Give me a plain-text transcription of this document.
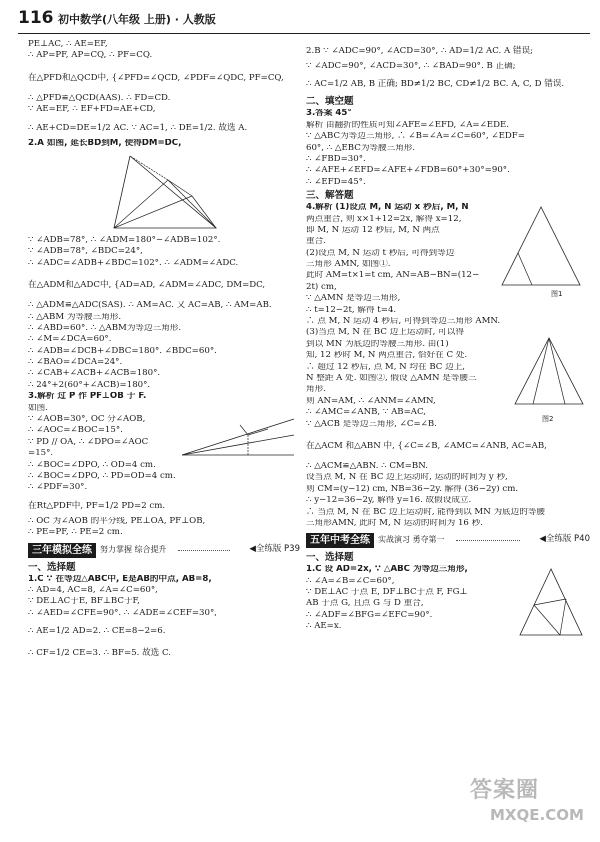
116 初中数学(八年级 上册) · 人教版
PE⊥AC, ∴ AE=EF,
∴ AP=PF, AP=CQ, ∴ PF=CQ.
在△PFD和△QCD中, {∠PFD=∠QCD, ∠PDF=∠QDC, PF=CQ,
∴ △PFD≌△QCD(AAS). ∴ FD=CD.
∵ AE=EF, ∴ EF+FD=AE+CD,
∴ AE+CD=DE=1/2 AC. ∵ AC=1, ∴ DE=1/2. 故选 A.
2.A 如图, 延长BD到M, 使得DM=DC,
∵ ∠ADB=78°, ∴ ∠ADM=180°−∠ADB=102°.
∵ ∠ADB=78°, ∠BDC=24°,
∴ ∠ADC=∠ADB+∠BDC=102°. ∴ ∠ADM=∠ADC.
在△ADM和△ADC中, {AD=AD, ∠ADM=∠ADC, DM=DC,
∴ △ADM≌△ADC(SAS). ∴ AM=AC. 又 AC=AB, ∴ AM=AB.
∴ △ABM 为等腰三角形.
∴ ∠ABD=60°. ∴ △ABM为等边三角形.
∴ ∠M=∠DCA=60°.
∴ ∠ADB=∠DCB+∠DBC=180°. ∠BDC=60°.
∴ ∠BAO=∠DCA=24°.
∴ ∠CAB+∠ACB+∠ACB=180°.
∴ 24°+2(60°+∠ACB)=180°.
3.解析 过 P 作 PF⊥OB 于 F.
如图.
∵ ∠AOB=30°, OC 分∠AOB,
∴ ∠AOC=∠BOC=15°.
∵ PD // OA, ∴ ∠DPO=∠AOC
=15°.
∴ ∠BOC=∠DPO, ∴ OD=4 cm.
∴ ∠BOC=∠DPO, ∴ PD=OD=4 cm.
∴ ∠PDF=30°.
在Rt△PDF中, PF=1/2 PD=2 cm.
∴ OC 为∠AOB 的平分线, PE⊥OA, PF⊥OB,
∴ PE=PF, ∴ PE=2 cm.
三年模拟全练	努力掌握 综合提升	◀全练版 P39
一、选择题
1.C ∵ 在等边△ABC中, E是AB的中点, AB=8,
∴ AD=4, AC=8, ∠A=∠C=60°,
∵ DE⊥AC于E, BF⊥BC于F,
∴ ∠AED=∠CFE=90°. ∴ ∠ADE=∠CEF=30°,
∴ AE=1/2 AD=2. ∴ CE=8−2=6.
∴ CF=1/2 CE=3. ∴ BF=5. 故选 C.
2.B ∵ ∠ADC=90°, ∠ACD=30°, ∴ AD=1/2 AC. A 错误;
∵ ∠ADC=90°, ∠ACD=30°, ∴ ∠BAD=90°. B 正确;
∴ AC=1/2 AB, B 正确; BD≠1/2 BC, CD≠1/2 BC. A, C, D 错误.
二、填空题
3.答案 45°
解析 由翻折的性质可知∠AFE=∠EFD, ∠A=∠EDE.
∵ △ABC为等边三角形, ∴ ∠B=∠A=∠C=60°, ∠EDF=
60°, ∴ △EBC为等腰三角形.
∴ ∠FBD=30°.
∴ ∠AFE+∠EFD=∠AFE+∠FDB=60°+30°=90°.
∴ ∠EFD=45°.
三、解答题
图1
4.解析 (1)设点 M, N 运动 x 秒后, M, N
两点重合, 则 x×1+12=2x, 解得 x=12,
即 M, N 运动 12 秒后, M, N 两点
重合.
(2)设点 M, N 运动 t 秒后, 可得到等边
三角形 AMN, 如图①.
此时 AM=t×1=t cm, AN=AB−BN=(12−
2t) cm,
∵ △AMN 是等边三角形,
∴ t=12−2t, 解得 t=4.
∴ 点 M, N 运动 4 秒后, 可得到等边三角形 AMN.
图2
(3)当点 M, N 在 BC 边上运动时, 可以得
到以 MN 为底边的等腰三角形. 由(1)
知, 12 秒时 M, N 两点重合, 恰好在 C 处.
∴ 超过 12 秒后, 点 M, N 均在 BC 边上,
N 整距 A 处. 如图②, 假设 △AMN 是等腰三
角形.
则 AN=AM, ∴ ∠ANM=∠AMN,
∴ ∠AMC=∠ANB, ∵ AB=AC,
∵ △ACB 是等边三角形, ∠C=∠B.
在△ACM 和△ABN 中, {∠C=∠B, ∠AMC=∠ANB, AC=AB,
∴ △ACM≌△ABN. ∴ CM=BN.
设当点 M, N 在 BC 边上运动时, 运动的时间为 y 秒,
则 CM=(y−12) cm, NB=36−2y. 解得 (36−2y) cm.
∴ y−12=36−2y, 解得 y=16. 故假设成立.
∴ 当点 M, N 在 BC 边上运动时, 能得到以 MN 为底边的等腰
三角形AMN, 此时 M, N 运动的时间为 16 秒.
五年中考全练	实战演习 勇夺第一	◀全练版 P40
一、选择题
1.C 设 AD=2x, ∵ △ABC 为等边三角形,
∴ ∠A=∠B=∠C=60°,
∵ DE⊥AC 于点 E, DF⊥BC于点 F, FG⊥
AB 于点 G, 且点 G 与 D 重合,
∴ ∠ADF=∠BFG=∠EFC=90°.
∴ AE=x.
答案圈
MXQE.COM
